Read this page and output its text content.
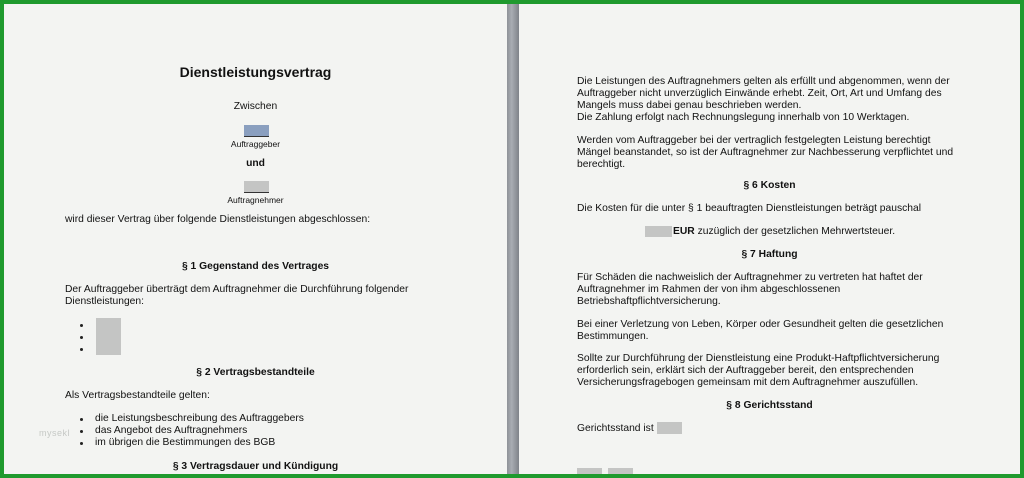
Dienstleistungsvertrag
Zwischen
Auftraggeber
und
Auftragnehmer
wird dieser Vertrag über folgende Dienstleistungen abgeschlossen:
§ 1 Gegenstand des Vertrages
Der Auftraggeber überträgt dem Auftragnehmer die Durchführung folgender
Dienstleistungen:
§ 2 Vertragsbestandteile
Als Vertragsbestandteile gelten:
die Leistungsbeschreibung des Auftraggebers
das Angebot des Auftragnehmers
im übrigen die Bestimmungen des BGB
mysekl
§ 3 Vertragsdauer und Kündigung
Die Leistungen des Auftragnehmers gelten als erfüllt und abgenommen, wenn der
Auftraggeber nicht unverzüglich Einwände erhebt. Zeit, Ort, Art und Umfang des
Mangels muss dabei genau beschrieben werden.
Die Zahlung erfolgt nach Rechnungslegung innerhalb von 10 Werktagen.
Werden vom Auftraggeber bei der vertraglich festgelegten Leistung berechtigt
Mängel beanstandet, so ist der Auftragnehmer zur Nachbesserung verpflichtet und
berechtigt.
§ 6 Kosten
Die Kosten für die unter § 1 beauftragten Dienstleistungen beträgt pauschal
EUR zuzüglich der gesetzlichen Mehrwertsteuer.
§ 7 Haftung
Für Schäden die nachweislich der Auftragnehmer zu vertreten hat haftet der
Auftragnehmer im Rahmen der von ihm abgeschlossenen
Betriebshaftpflichtversicherung.
Bei einer Verletzung von Leben, Körper oder Gesundheit gelten die gesetzlichen
Bestimmungen.
Sollte zur Durchführung der Dienstleistung eine Produkt-Haftpflichtversicherung
erforderlich sein, erklärt sich der Auftraggeber bereit, den entsprechenden
Versicherungsfragebogen gemeinsam mit dem Auftragnehmer auszufüllen.
§ 8 Gerichtsstand
Gerichtsstand ist
